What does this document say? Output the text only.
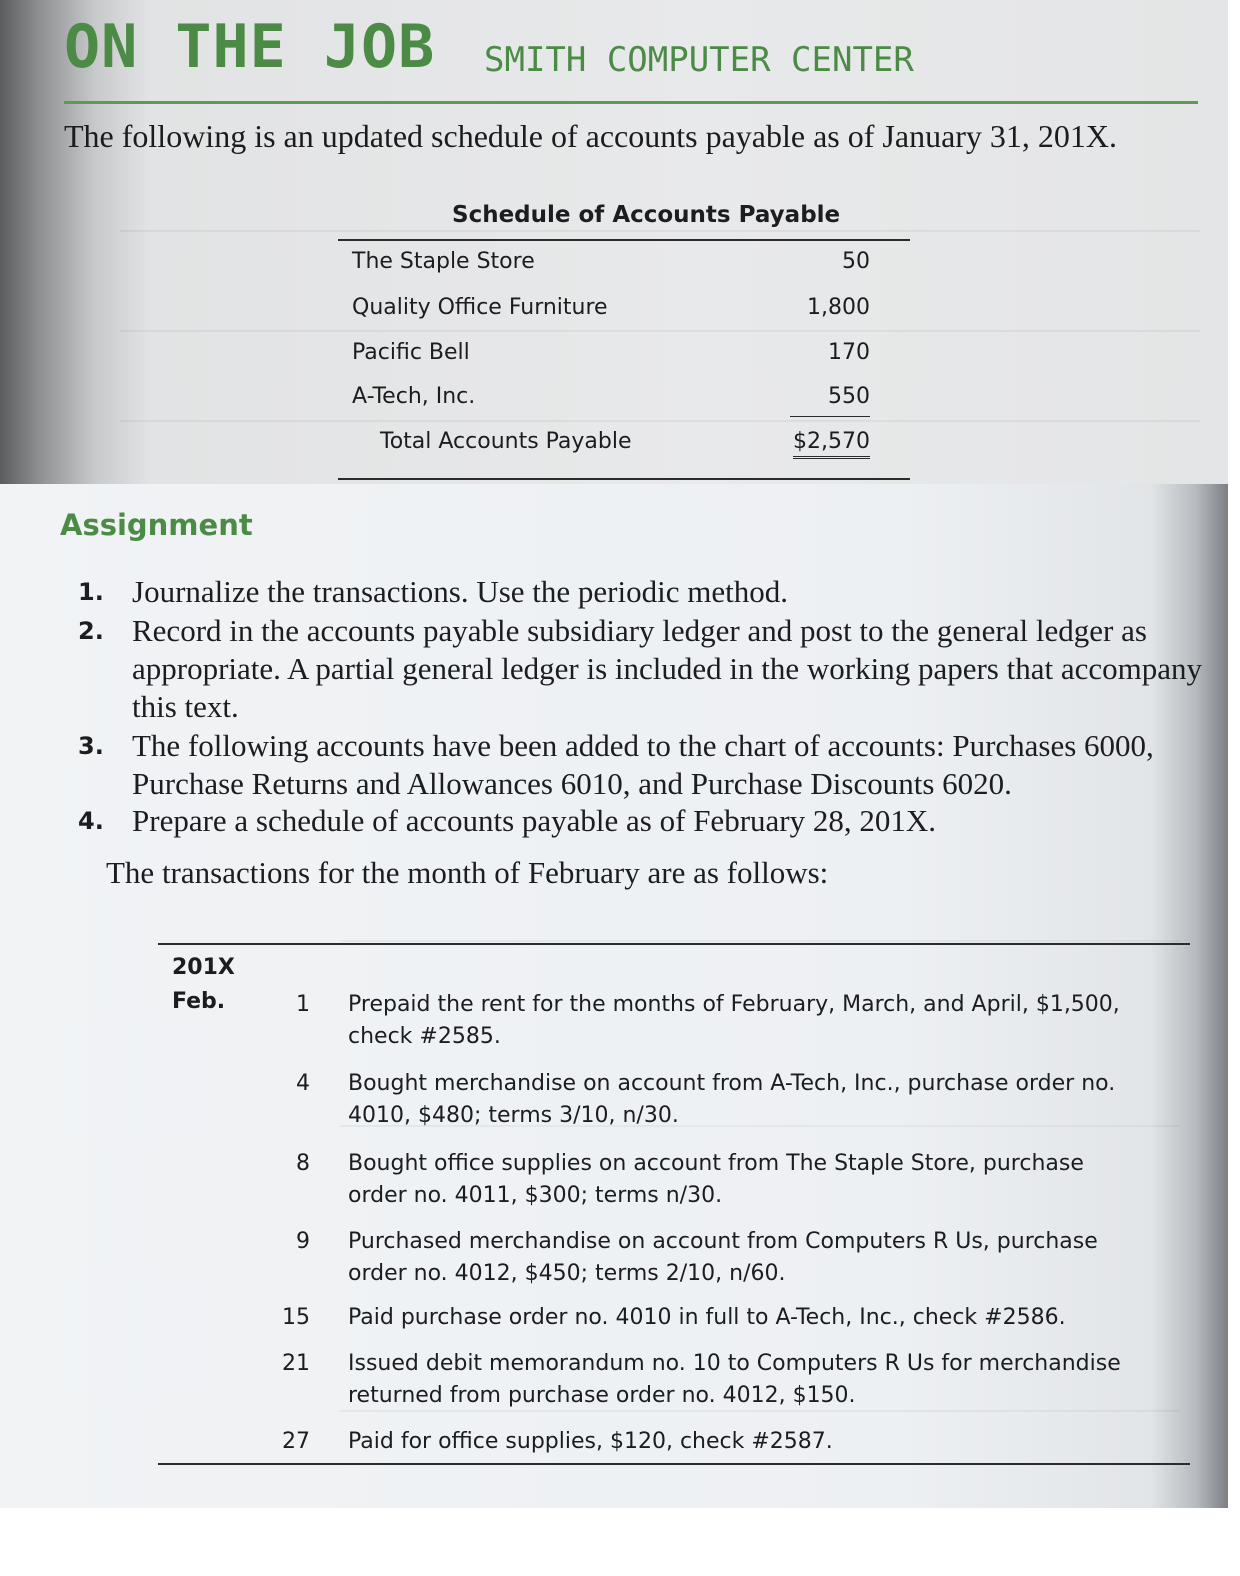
ON THE JOB SMITH COMPUTER CENTER
The following is an updated schedule of accounts payable as of January 31, 201X.
Schedule of Accounts Payable
The Staple Store	50
Quality Office Furniture	1,800
Pacific Bell	170
A-Tech, Inc.	550
Total Accounts Payable	$2,570
Assignment
1. Journalize the transactions. Use the periodic method.
2. Record in the accounts payable subsidiary ledger and post to the general ledger as appropriate. A partial general ledger is included in the working papers that accompany this text.
3. The following accounts have been added to the chart of accounts: Purchases 6000, Purchase Returns and Allowances 6010, and Purchase Discounts 6020.
4. Prepare a schedule of accounts payable as of February 28, 201X.
The transactions for the month of February are as follows:
201X
Feb.	1 Prepaid the rent for the months of February, March, and April, $1,500, check #2585.
4 Bought merchandise on account from A-Tech, Inc., purchase order no. 4010, $480; terms 3/10, n/30.
8 Bought office supplies on account from The Staple Store, purchase order no. 4011, $300; terms n/30.
9 Purchased merchandise on account from Computers R Us, purchase order no. 4012, $450; terms 2/10, n/60.
15 Paid purchase order no. 4010 in full to A-Tech, Inc., check #2586.
21 Issued debit memorandum no. 10 to Computers R Us for merchandise returned from purchase order no. 4012, $150.
27 Paid for office supplies, $120, check #2587.
